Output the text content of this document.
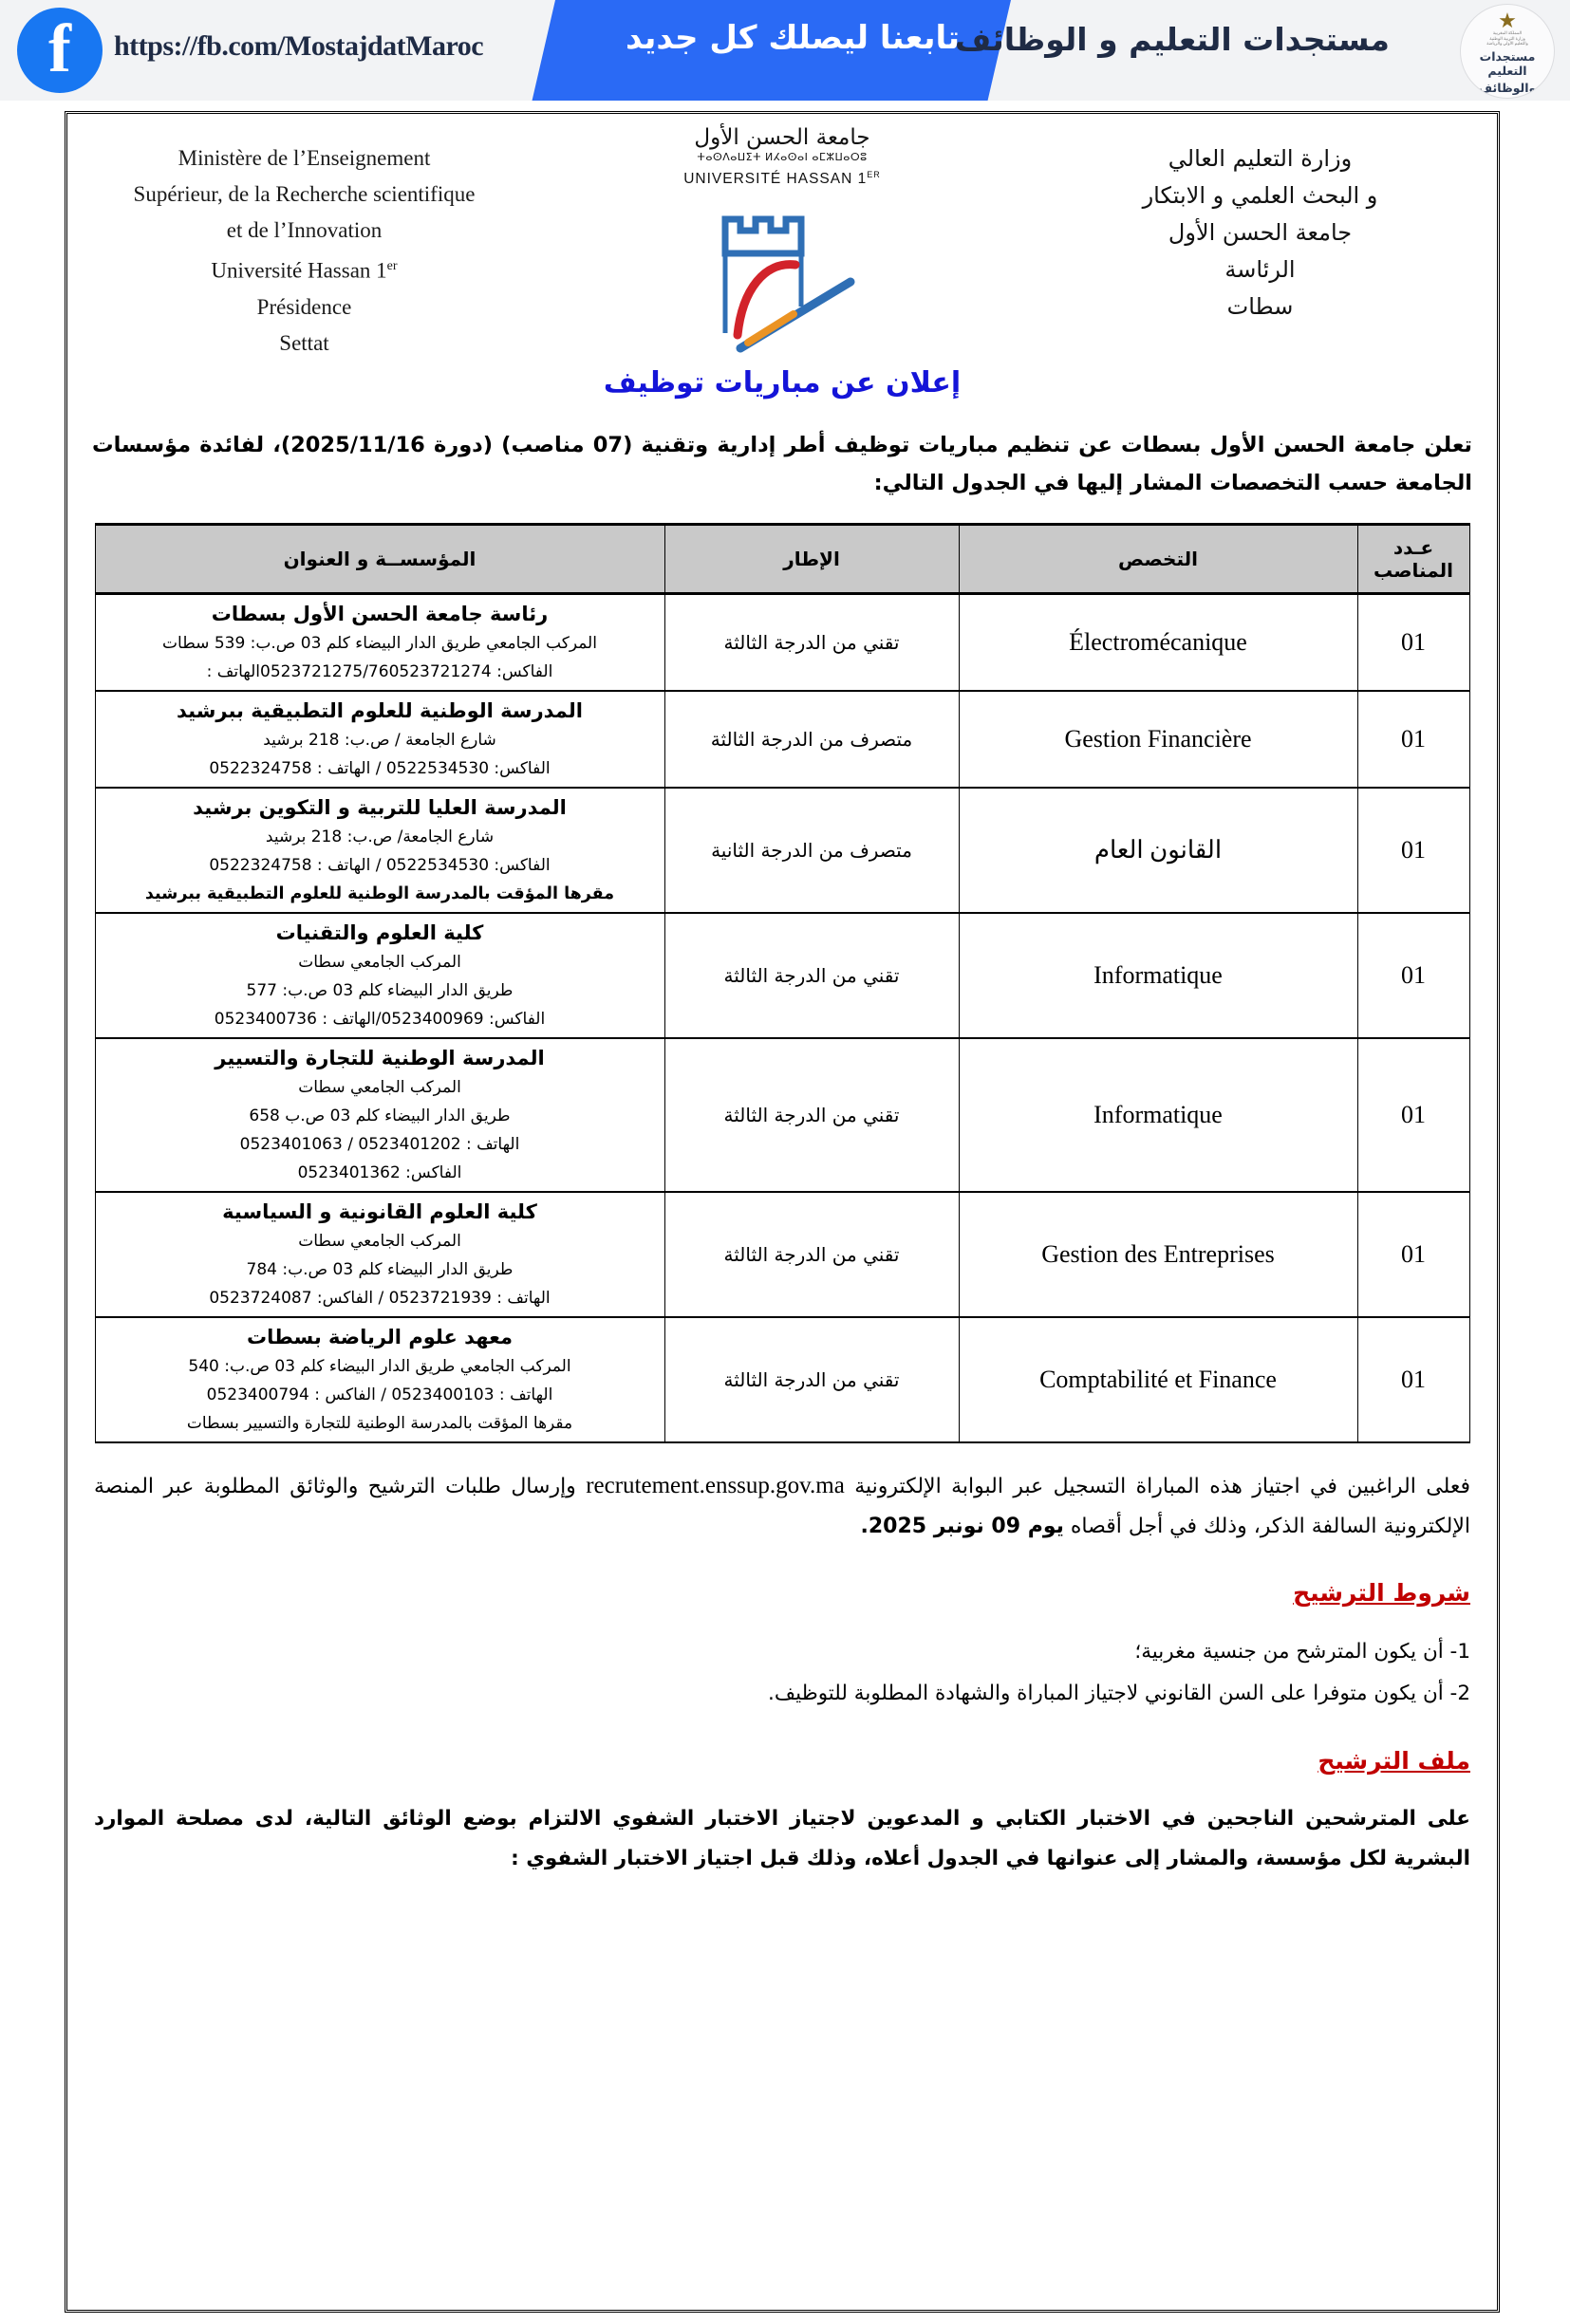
f	https://fb.com/MostajdatMaroc	تابعنا ليصلك كل جديد
مستجدات التعليم و الوظائف
★
المملكة المغربية
وزارة التربية الوطنية
والتعليم الأولي والرياضة
مستجدات التعليم
والوظائف
Ministère de l’Enseignement
Supérieur, de la Recherche scientifique
et de l’Innovation
Université Hassan 1er
Présidence
Settat
جامعة الحسن الأول
ⵜⴰⵙⴷⴰⵡⵉⵜ ⵍⵃⴰⵙⴰⵏ ⴰⵎⵣⵡⴰⵔⵓ
UNIVERSITÉ HASSAN 1ER
وزارة التعليم العالي
و البحث العلمي و الابتكار
جامعة الحسن الأول
الرئاسة
سطات
إعلان عن مباريات توظيف
تعلن جامعة الحسن الأول بسطات عن تنظيم مباريات توظيف أطر إدارية وتقنية (07 مناصب) (دورة 2025/11/16)، لفائدة مؤسسات الجامعة حسب التخصصات المشار إليها في الجدول التالي:
عـدد المناصب	التخصص	الإطار	المؤسســة و العنوان
01	Électromécanique	تقني من الدرجة الثالثة	رئاسة جامعة الحسن الأول بسطات
المركب الجامعي طريق الدار البيضاء كلم 03 ص.ب: 539 سطات
الفاكس: 0523721275/760523721274الهاتف :

01	Gestion Financière	متصرف من الدرجة الثالثة	المدرسة الوطنية للعلوم التطبيقية ببرشيد
شارع الجامعة / ص.ب: 218 برشيد
الفاكس: 0522534530 / الهاتف : 0522324758

01	القانون العام	متصرف من الدرجة الثانية	المدرسة العليا للتربية و التكوين برشيد
شارع الجامعة/ ص.ب: 218 برشيد
الفاكس: 0522534530 / الهاتف : 0522324758
مقرها المؤقت بالمدرسة الوطنية للعلوم التطبيقية ببرشيد

01	Informatique	تقني من الدرجة الثالثة	كلية العلوم والتقنيات
المركب الجامعي سطات
طريق الدار البيضاء كلم 03 ص.ب: 577
الفاكس: 0523400969/الهاتف : 0523400736

01	Informatique	تقني من الدرجة الثالثة	المدرسة الوطنية للتجارة والتسيير
المركب الجامعي سطات
طريق الدار البيضاء كلم 03 ص.ب 658
الهاتف : 0523401202 / 0523401063
الفاكس: 0523401362

01	Gestion des Entreprises	تقني من الدرجة الثالثة	كلية العلوم القانونية و السياسية
المركب الجامعي سطات
طريق الدار البيضاء كلم 03 ص.ب: 784
الهاتف : 0523721939 / الفاكس: 0523724087

01	Comptabilité et Finance	تقني من الدرجة الثالثة	معهد علوم الرياضة بسطات
المركب الجامعي طريق الدار البيضاء كلم 03 ص.ب: 540
الهاتف : 0523400103 / الفاكس : 0523400794
مقرها المؤقت بالمدرسة الوطنية للتجارة والتسيير بسطات
فعلى الراغبين في اجتياز هذه المباراة التسجيل عبر البوابة الإلكترونية recrutement.enssup.gov.ma وإرسال طلبات الترشيح والوثائق المطلوبة عبر المنصة الإلكترونية السالفة الذكر، وذلك في أجل أقصاه يوم 09 نونبر 2025.
شروط الترشيح
1- أن يكون المترشح من جنسية مغربية؛
2- أن يكون متوفرا على السن القانوني لاجتياز المباراة والشهادة المطلوبة للتوظيف.
ملف الترشيح
على المترشحين الناجحين في الاختبار الكتابي و المدعوين لاجتياز الاختبار الشفوي الالتزام بوضع الوثائق التالية، لدى مصلحة الموارد البشرية لكل مؤسسة، والمشار إلى عنوانها في الجدول أعلاه، وذلك قبل اجتياز الاختبار الشفوي :
